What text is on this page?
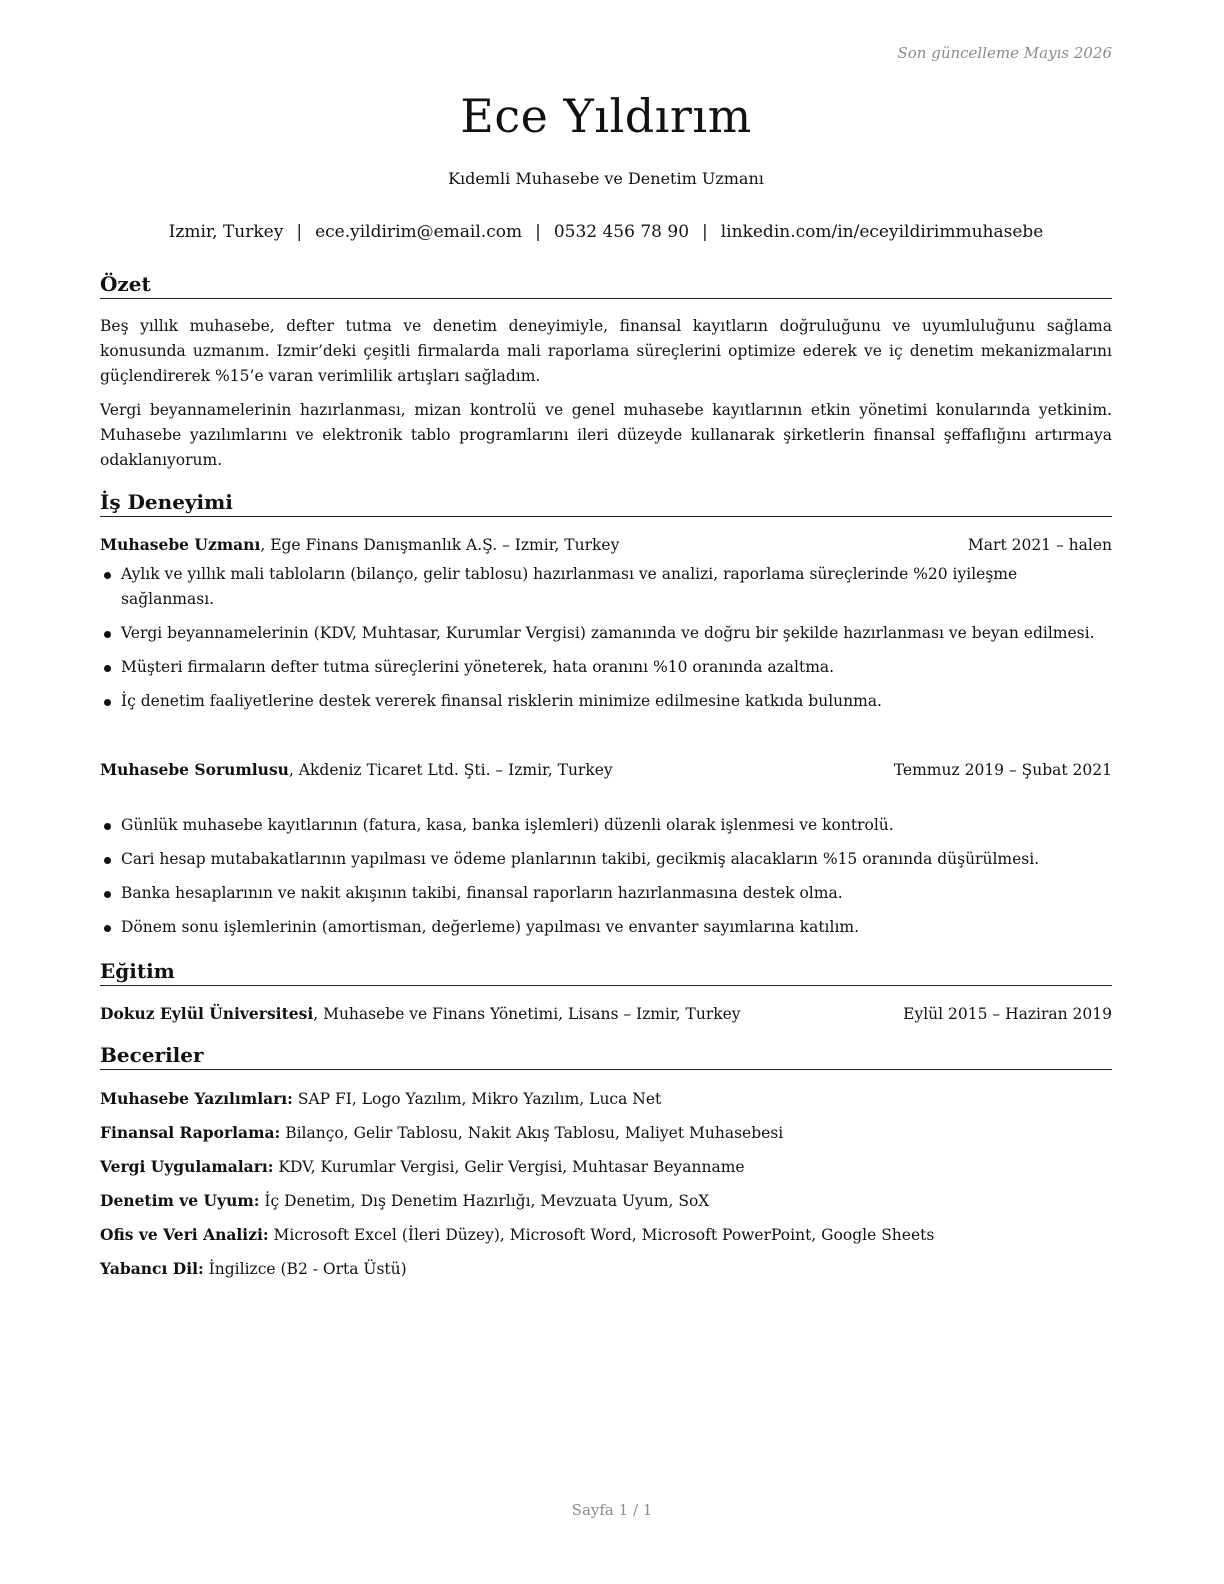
Son güncelleme Mayıs 2026
Ece Yıldırım
Kıdemli Muhasebe ve Denetim Uzmanı
Izmir, Turkey | ece.yildirim@email.com | 0532 456 78 90 | linkedin.com/in/eceyildirimmuhasebe
Özet

Beş yıllık muhasebe, defter tutma ve denetim deneyimiyle, finansal kayıtların doğruluğunu ve uyumluluğunu sağlama konusunda uzmanım. Izmir’deki çeşitli firmalarda mali raporlama süreçlerini optimize ederek ve iç denetim mekanizmalarını güçlendirerek %15’e varan verimlilik artışları sağladım.

Vergi beyannamelerinin hazırlanması, mizan kontrolü ve genel muhasebe kayıtlarının etkin yönetimi konularında yetkinim. Muhasebe yazılımlarını ve elektronik tablo programlarını ileri düzeyde kullanarak şirketlerin finansal şeffaflığını artırmaya odaklanıyorum.

İş Deneyimi
Muhasebe Uzmanı, Ege Finans Danışmanlık A.Ş. – Izmir, Turkey	Mart 2021 – halen
Aylık ve yıllık mali tabloların (bilanço, gelir tablosu) hazırlanması ve analizi, raporlama süreçlerinde %20 iyileşme sağlanması.
Vergi beyannamelerinin (KDV, Muhtasar, Kurumlar Vergisi) zamanında ve doğru bir şekilde hazırlanması ve beyan edilmesi.
Müşteri firmaların defter tutma süreçlerini yöneterek, hata oranını %10 oranında azaltma.
İç denetim faaliyetlerine destek vererek finansal risklerin minimize edilmesine katkıda bulunma.
Muhasebe Sorumlusu, Akdeniz Ticaret Ltd. Şti. – Izmir, Turkey	Temmuz 2019 – Şubat 2021
Günlük muhasebe kayıtlarının (fatura, kasa, banka işlemleri) düzenli olarak işlenmesi ve kontrolü.
Cari hesap mutabakatlarının yapılması ve ödeme planlarının takibi, gecikmiş alacakların %15 oranında düşürülmesi.
Banka hesaplarının ve nakit akışının takibi, finansal raporların hazırlanmasına destek olma.
Dönem sonu işlemlerinin (amortisman, değerleme) yapılması ve envanter sayımlarına katılım.
Eğitim
Dokuz Eylül Üniversitesi, Muhasebe ve Finans Yönetimi, Lisans – Izmir, Turkey	Eylül 2015 – Haziran 2019
Beceriler
Muhasebe Yazılımları: SAP FI, Logo Yazılım, Mikro Yazılım, Luca Net
Finansal Raporlama: Bilanço, Gelir Tablosu, Nakit Akış Tablosu, Maliyet Muhasebesi
Vergi Uygulamaları: KDV, Kurumlar Vergisi, Gelir Vergisi, Muhtasar Beyanname
Denetim ve Uyum: İç Denetim, Dış Denetim Hazırlığı, Mevzuata Uyum, SoX
Ofis ve Veri Analizi: Microsoft Excel (İleri Düzey), Microsoft Word, Microsoft PowerPoint, Google Sheets
Yabancı Dil: İngilizce (B2 - Orta Üstü)
Sayfa 1 / 1
